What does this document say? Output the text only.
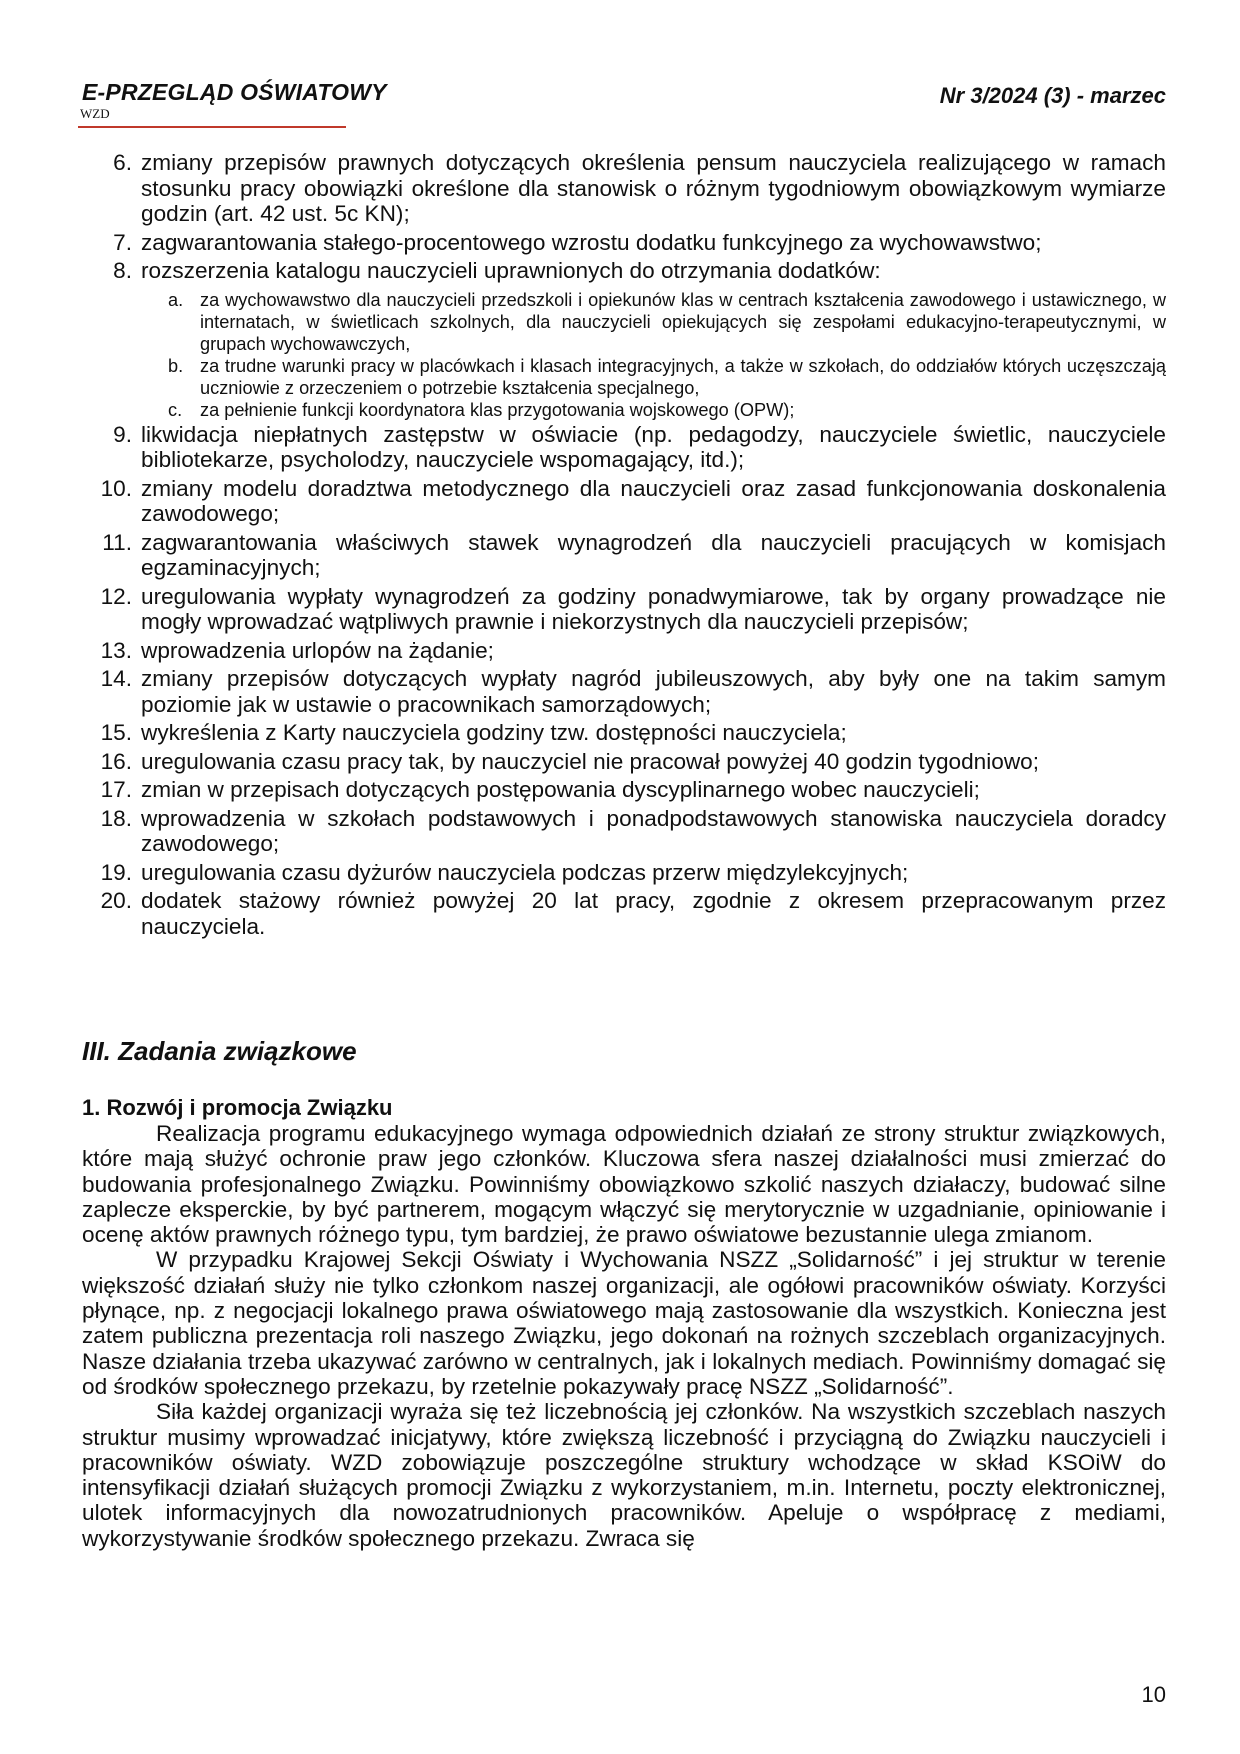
E-PRZEGLĄD OŚWIATOWY
WZD
Nr 3/2024 (3) - marzec
6. zmiany przepisów prawnych dotyczących określenia pensum nauczyciela realizującego w ramach stosunku pracy obowiązki określone dla stanowisk o różnym tygodniowym obowiązkowym wymiarze godzin (art. 42 ust. 5c KN);
7. zagwarantowania stałego-procentowego wzrostu dodatku funkcyjnego za wychowawstwo;
8. rozszerzenia katalogu nauczycieli uprawnionych do otrzymania dodatków:
a. za wychowawstwo dla nauczycieli przedszkoli i opiekunów klas w centrach kształcenia zawodowego i ustawicznego, w internatach, w świetlicach szkolnych, dla nauczycieli opiekujących się zespołami edukacyjno-terapeutycznymi, w grupach wychowawczych,
b. za trudne warunki pracy w placówkach i klasach integracyjnych, a także w szkołach, do oddziałów których uczęszczają uczniowie z orzeczeniem o potrzebie kształcenia specjalnego,
c. za pełnienie funkcji koordynatora klas przygotowania wojskowego (OPW);
9. likwidacja niepłatnych zastępstw w oświacie (np. pedagodzy, nauczyciele świetlic, nauczyciele bibliotekarze, psycholodzy, nauczyciele wspomagający, itd.);
10. zmiany modelu doradztwa metodycznego dla nauczycieli oraz zasad funkcjonowania doskonalenia zawodowego;
11. zagwarantowania właściwych stawek wynagrodzeń dla nauczycieli pracujących w komisjach egzaminacyjnych;
12. uregulowania wypłaty wynagrodzeń za godziny ponadwymiarowe, tak by organy prowadzące nie mogły wprowadzać wątpliwych prawnie i niekorzystnych dla nauczycieli przepisów;
13. wprowadzenia urlopów na żądanie;
14. zmiany przepisów dotyczących wypłaty nagród jubileuszowych, aby były one na takim samym poziomie jak w ustawie o pracownikach samorządowych;
15. wykreślenia z Karty nauczyciela godziny tzw. dostępności nauczyciela;
16. uregulowania czasu pracy tak, by nauczyciel nie pracował powyżej 40 godzin tygodniowo;
17. zmian w przepisach dotyczących postępowania dyscyplinarnego wobec nauczycieli;
18. wprowadzenia w szkołach podstawowych i ponadpodstawowych stanowiska nauczyciela doradcy zawodowego;
19. uregulowania czasu dyżurów nauczyciela podczas przerw międzylekcyjnych;
20. dodatek stażowy również powyżej 20 lat pracy, zgodnie z okresem przepracowanym przez nauczyciela.
III. Zadania związkowe
1. Rozwój i promocja Związku

Realizacja programu edukacyjnego wymaga odpowiednich działań ze strony struktur związkowych, które mają służyć ochronie praw jego członków. Kluczowa sfera naszej działalności musi zmierzać do budowania profesjonalnego Związku. Powinniśmy obowiązkowo szkolić naszych działaczy, budować silne zaplecze eksperckie, by być partnerem, mogącym włączyć się merytorycznie w uzgadnianie, opiniowanie i ocenę aktów prawnych różnego typu, tym bardziej, że prawo oświatowe bezustannie ulega zmianom.

W przypadku Krajowej Sekcji Oświaty i Wychowania NSZZ „Solidarność” i jej struktur w terenie większość działań służy nie tylko członkom naszej organizacji, ale ogółowi pracowników oświaty. Korzyści płynące, np. z negocjacji lokalnego prawa oświatowego mają zastosowanie dla wszystkich. Konieczna jest zatem publiczna prezentacja roli naszego Związku, jego dokonań na rożnych szczeblach organizacyjnych. Nasze działania trzeba ukazywać zarówno w centralnych, jak i lokalnych mediach. Powinniśmy domagać się od środków społecznego przekazu, by rzetelnie pokazywały pracę NSZZ „Solidarność”.

Siła każdej organizacji wyraża się też liczebnością jej członków. Na wszystkich szczeblach naszych struktur musimy wprowadzać inicjatywy, które zwiększą liczebność i przyciągną do Związku nauczycieli i pracowników oświaty. WZD zobowiązuje poszczególne struktury wchodzące w skład KSOiW do intensyfikacji działań służących promocji Związku z wykorzystaniem, m.in. Internetu, poczty elektronicznej, ulotek informacyjnych dla nowozatrudnionych pracowników. Apeluje o współpracę z mediami, wykorzystywanie środków społecznego przekazu. Zwraca się

10
